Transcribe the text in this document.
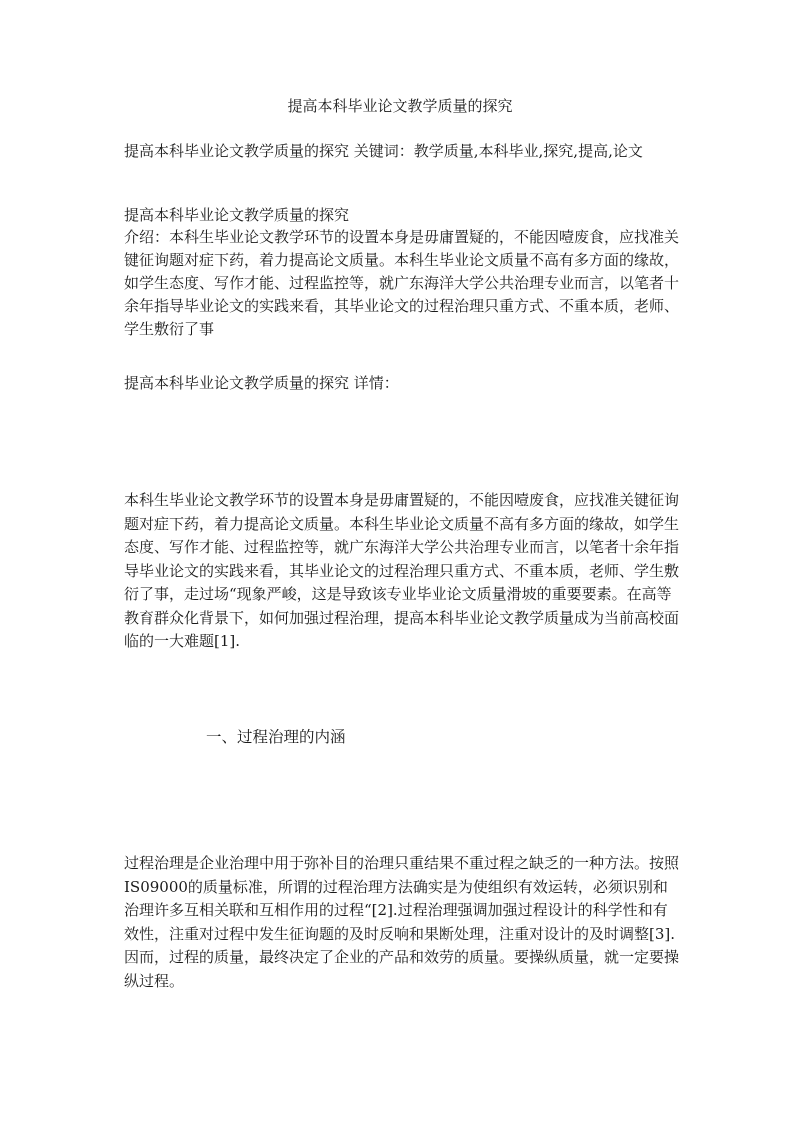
提高本科毕业论文教学质量的探究

提高本科毕业论文教学质量的探究 关键词：教学质量,本科毕业,探究,提高,论文

提高本科毕业论文教学质量的探究

介绍：本科生毕业论文教学环节的设置本身是毋庸置疑的，不能因噎废食，应找准关键征询题对症下药，着力提高论文质量。本科生毕业论文质量不高有多方面的缘故，如学生态度、写作才能、过程监控等，就广东海洋大学公共治理专业而言，以笔者十余年指导毕业论文的实践来看，其毕业论文的过程治理只重方式、不重本质，老师、学生敷衍了事

提高本科毕业论文教学质量的探究 详情：

本科生毕业论文教学环节的设置本身是毋庸置疑的，不能因噎废食，应找准关键征询题对症下药，着力提高论文质量。本科生毕业论文质量不高有多方面的缘故，如学生态度、写作才能、过程监控等，就广东海洋大学公共治理专业而言，以笔者十余年指导毕业论文的实践来看，其毕业论文的过程治理只重方式、不重本质，老师、学生敷衍了事，走过场“现象严峻，这是导致该专业毕业论文质量滑坡的重要要素。在高等教育群众化背景下，如何加强过程治理，提高本科毕业论文教学质量成为当前高校面临的一大难题[1].

一、过程治理的内涵

过程治理是企业治理中用于弥补目的治理只重结果不重过程之缺乏的一种方法。按照IS09000的质量标准，所谓的过程治理方法确实是为使组织有效运转，必须识别和治理许多互相关联和互相作用的过程“[2].过程治理强调加强过程设计的科学性和有效性，注重对过程中发生征询题的及时反响和果断处理，注重对设计的及时调整[3].因而，过程的质量，最终决定了企业的产品和效劳的质量。要操纵质量，就一定要操纵过程。
